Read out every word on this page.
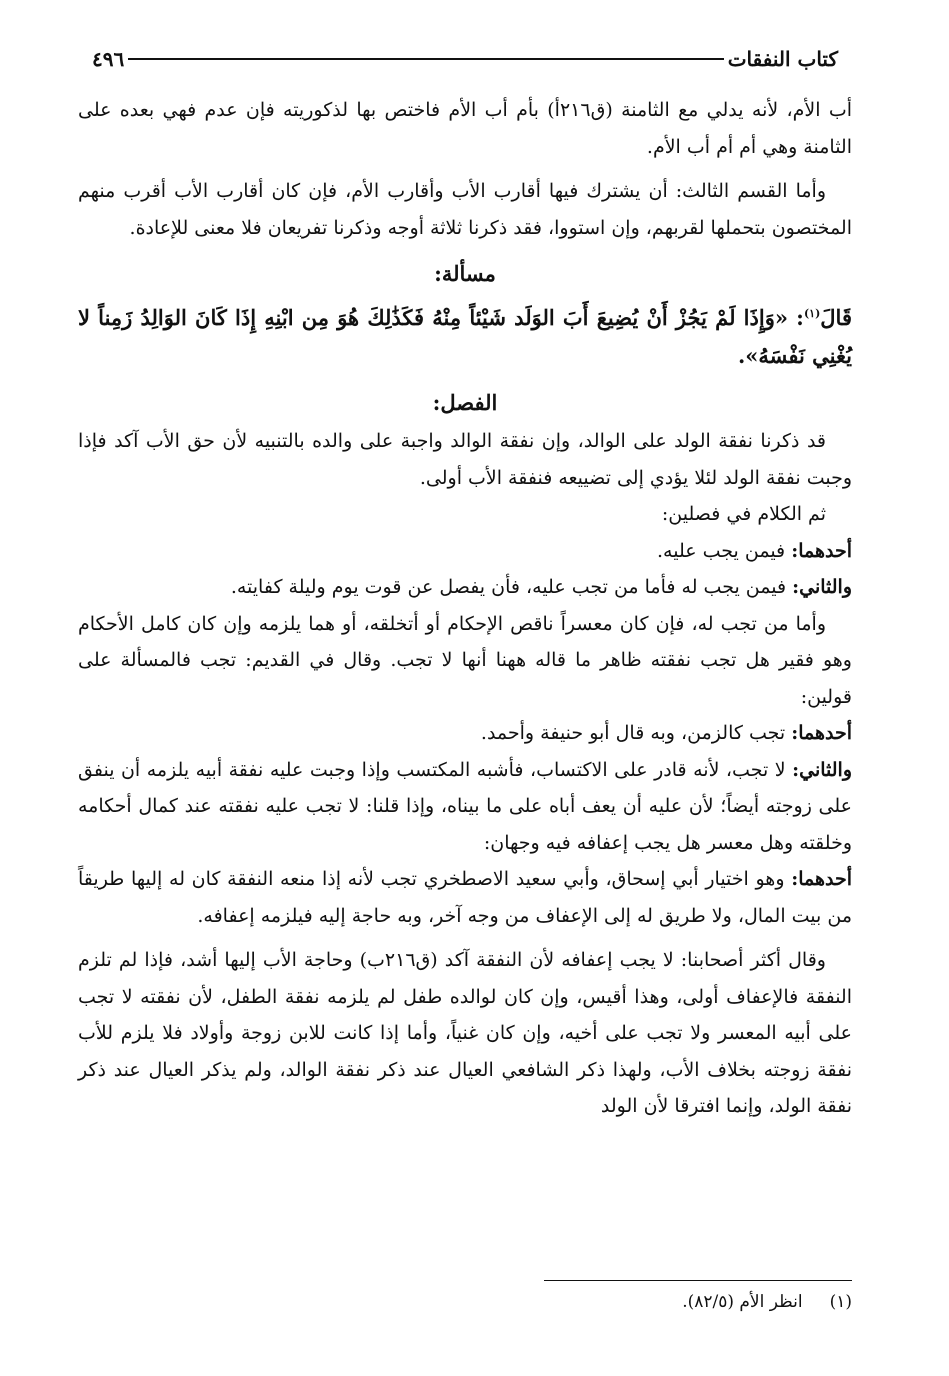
كتاب النفقات
٤٩٦

أب الأم، لأنه يدلي مع الثامنة (ق٢١٦أ) بأم أب الأم فاختص بها لذكوريته فإن عدم فهي بعده على الثامنة وهي أم أم أب الأم.

وأما القسم الثالث: أن يشترك فيها أقارب الأب وأقارب الأم، فإن كان أقارب الأب أقرب منهم المختصون بتحملها لقربهم، وإن استووا، فقد ذكرنا ثلاثة أوجه وذكرنا تفريعان فلا معنى للإعادة.

مسألة:

قَالَ$^{(١)}$: «وَإِذَا لَمْ يَجُزْ أَنْ يُضِيعَ أَبَ الوَلَد شَيْئاً مِنْهُ فَكَذَٰلِكَ هُوَ مِن ابْنِهِ إِذَا كَانَ الوَالِدُ زَمِناً لا يُغْنِي نَفْسَهُ».

الفصل:

قد ذكرنا نفقة الولد على الوالد، وإن نفقة الوالد واجبة على والده بالتنبيه لأن حق الأب آكد فإذا وجبت نفقة الولد لئلا يؤدي إلى تضييعه فنفقة الأب أولى.

ثم الكلام في فصلين:

أحدهما: فيمن يجب عليه.

والثاني: فيمن يجب له فأما من تجب عليه، فأن يفصل عن قوت يوم وليلة كفايته.

وأما من تجب له، فإن كان معسراً ناقص الإحكام أو أتخلقه، أو هما يلزمه وإن كان كامل الأحكام وهو فقير هل تجب نفقته ظاهر ما قاله ههنا أنها لا تجب. وقال في القديم: تجب فالمسألة على قولين:

أحدهما: تجب كالزمن، وبه قال أبو حنيفة وأحمد.

والثاني: لا تجب، لأنه قادر على الاكتساب، فأشبه المكتسب وإذا وجبت عليه نفقة أبيه يلزمه أن ينفق على زوجته أيضاً؛ لأن عليه أن يعف أباه على ما بيناه، وإذا قلنا: لا تجب عليه نفقته عند كمال أحكامه وخلقته وهل معسر هل يجب إعفافه فيه وجهان:

أحدهما: وهو اختيار أبي إسحاق، وأبي سعيد الاصطخري تجب لأنه إذا منعه النفقة كان له إليها طريقاً من بيت المال، ولا طريق له إلى الإعفاف من وجه آخر، وبه حاجة إليه فيلزمه إعفافه.

وقال أكثر أصحابنا: لا يجب إعفافه لأن النفقة آكد (ق٢١٦ب) وحاجة الأب إليها أشد، فإذا لم تلزم النفقة فالإعفاف أولى، وهذا أقيس، وإن كان لوالده طفل لم يلزمه نفقة الطفل، لأن نفقته لا تجب على أبيه المعسر ولا تجب على أخيه، وإن كان غنياً، وأما إذا كانت للابن زوجة وأولاد فلا يلزم للأب نفقة زوجته بخلاف الأب، ولهذا ذكر الشافعي العيال عند ذكر نفقة الوالد، ولم يذكر العيال عند ذكر نفقة الولد، وإنما افترقا لأن الولد

(١)     انظر الأم (٨٢/٥).
